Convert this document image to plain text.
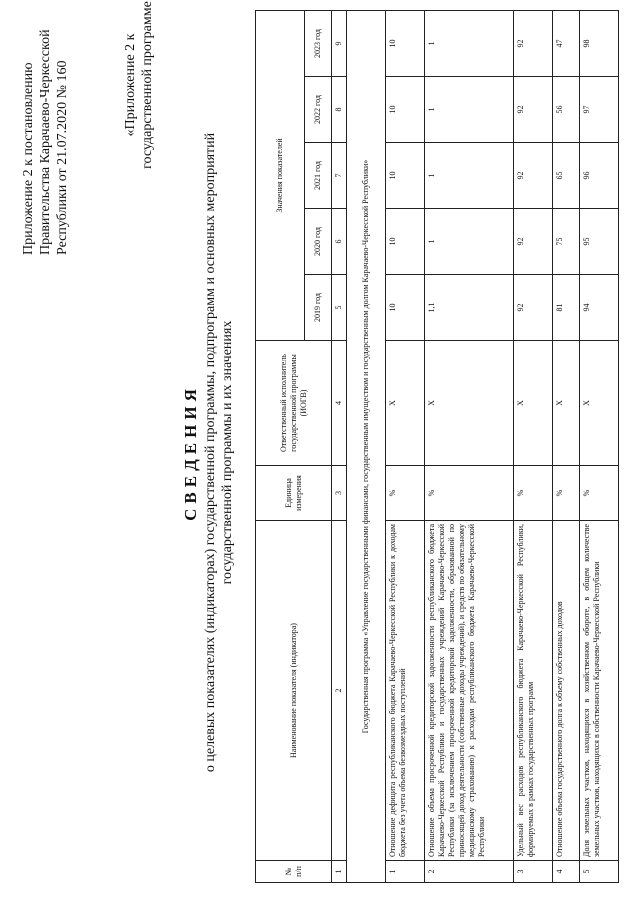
Приложение 2 к постановлению Правительства Карачаево-Черкесской Республики от 21.07.2020 № 160	«Приложение 2 к государственной программе
СВЕДЕНИЯ о целевых показателях (индикаторах) государственной программы, подпрограмм и основных мероприятий государственной программы и их значениях
№ п/п	Наименование показателя (индикатора)	Единица измерения	Ответственный исполнитель государственной программы (ИОГВ)	Значения показателей				
				2019 год	2020 год	2021 год	2022 год	2023 год
1	2	3	4	5	6	7	8	9
Государственная программа «Управление государственными финансами, государственным имуществом и государственным долгом Карачаево-Черкесской Республики»								
1	Отношение дефицита республиканского бюджета Карачаево-Черкесской Республики к доходам бюджета без учета объема безвозмездных поступлений	%	X	10	10	10	10	10
2	Отношение объема просроченной кредиторской задолженности республиканского бюджета Карачаево-Черкесской Республики и государственных учреждений Карачаево-Черкесской Республики (за исключением просроченной кредиторской задолженности, образованной по приносящей доход деятельности (собственные доходы учреждений), и средств по обязательному медицинскому страхованию) к расходам республиканского бюджета Карачаево-Черкесской Республики	%	X	1,1	1	1	1	1
3	Удельный вес расходов республиканского бюджета Карачаево-Черкесской Республики, формируемых в рамках государственных программ	%	X	92	92	92	92	92
4	Отношение объема государственного долга к объему собственных доходов	%	X	81	75	65	56	47
5	Доля земельных участков, находящихся в хозяйственном обороте, в общем количестве земельных участков, находящихся в собственности Карачаево-Черкесской Республики	%	X	94	95	96	97	98
